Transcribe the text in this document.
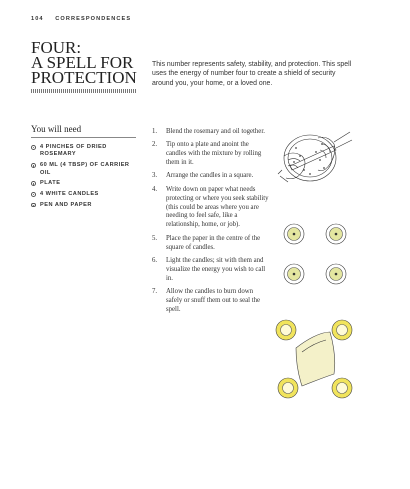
104 CORRESPONDENCES
FOUR:
A SPELL FOR
PROTECTION

This number represents safety, stability, and protection. This spell uses the energy of number four to create a shield of security around you, your home, or a loved one.

You will need
4 PINCHES OF DRIED ROSEMARY
60 ML (4 TBSP) OF CARRIER OIL
PLATE
4 WHITE CANDLES
PEN AND PAPER
1. Blend the rosemary and oil together.
2. Tip onto a plate and anoint the candles with the mixture by rolling them in it.
3. Arrange the candles in a square.
4. Write down on paper what needs protecting or where you seek stability (this could be areas where you are needing to feel safe, like a relationship, home, or job).
5. Place the paper in the centre of the square of candles.
6. Light the candles; sit with them and visualize the energy you wish to call in.
7. Allow the candles to burn down safely or snuff them out to seal the spell.
